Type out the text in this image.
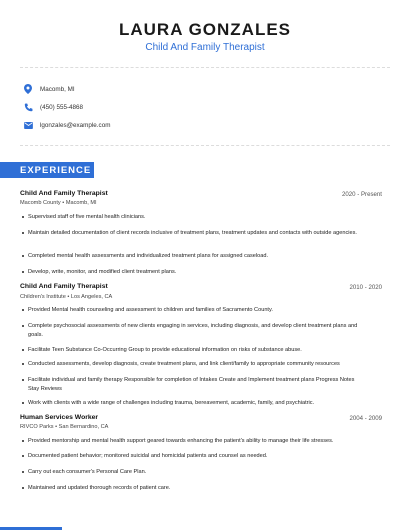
LAURA GONZALES
Child And Family Therapist
Macomb, MI
(450) 555-4868
lgonzales@example.com
EXPERIENCE
Child And Family Therapist	2020 - Present
Macomb County • Macomb, MI
Supervised staff of five mental health clinicians.
Maintain detailed documentation of client records inclusive of treatment plans, treatment updates and contacts with outside agencies.
Completed mental health assessments and individualized treatment plans for assigned caseload.
Develop, write, monitor, and modified client treatment plans.
Child And Family Therapist	2010 - 2020
Children's Institute • Los Angeles, CA
Provided Mental health counseling and assessment to children and families of Sacramento County.
Complete psychosocial assessments of new clients engaging in services, including diagnosis, and develop client treatment plans and goals.
Facilitate Teen Substance Co-Occurring Group to provide educational information on risks of substance abuse.
Conducted assessments, develop diagnosis, create treatment plans, and link client/family to appropriate community resources
Facilitate individual and family therapy Responsible for completion of Intakes Create and Implement treatment plans Progress Notes Stay Reviews
Work with clients with a wide range of challenges including trauma, bereavement, academic, family, and psychiatric.
Human Services Worker	2004 - 2009
RIVCO Parks • San Bernardino, CA
Provided mentorship and mental health support geared towards enhancing the patient's ability to manage their life stresses.
Documented patient behavior; monitored suicidal and homicidal patients and counsel as needed.
Carry out each consumer's Personal Care Plan.
Maintained and updated thorough records of patient care.
